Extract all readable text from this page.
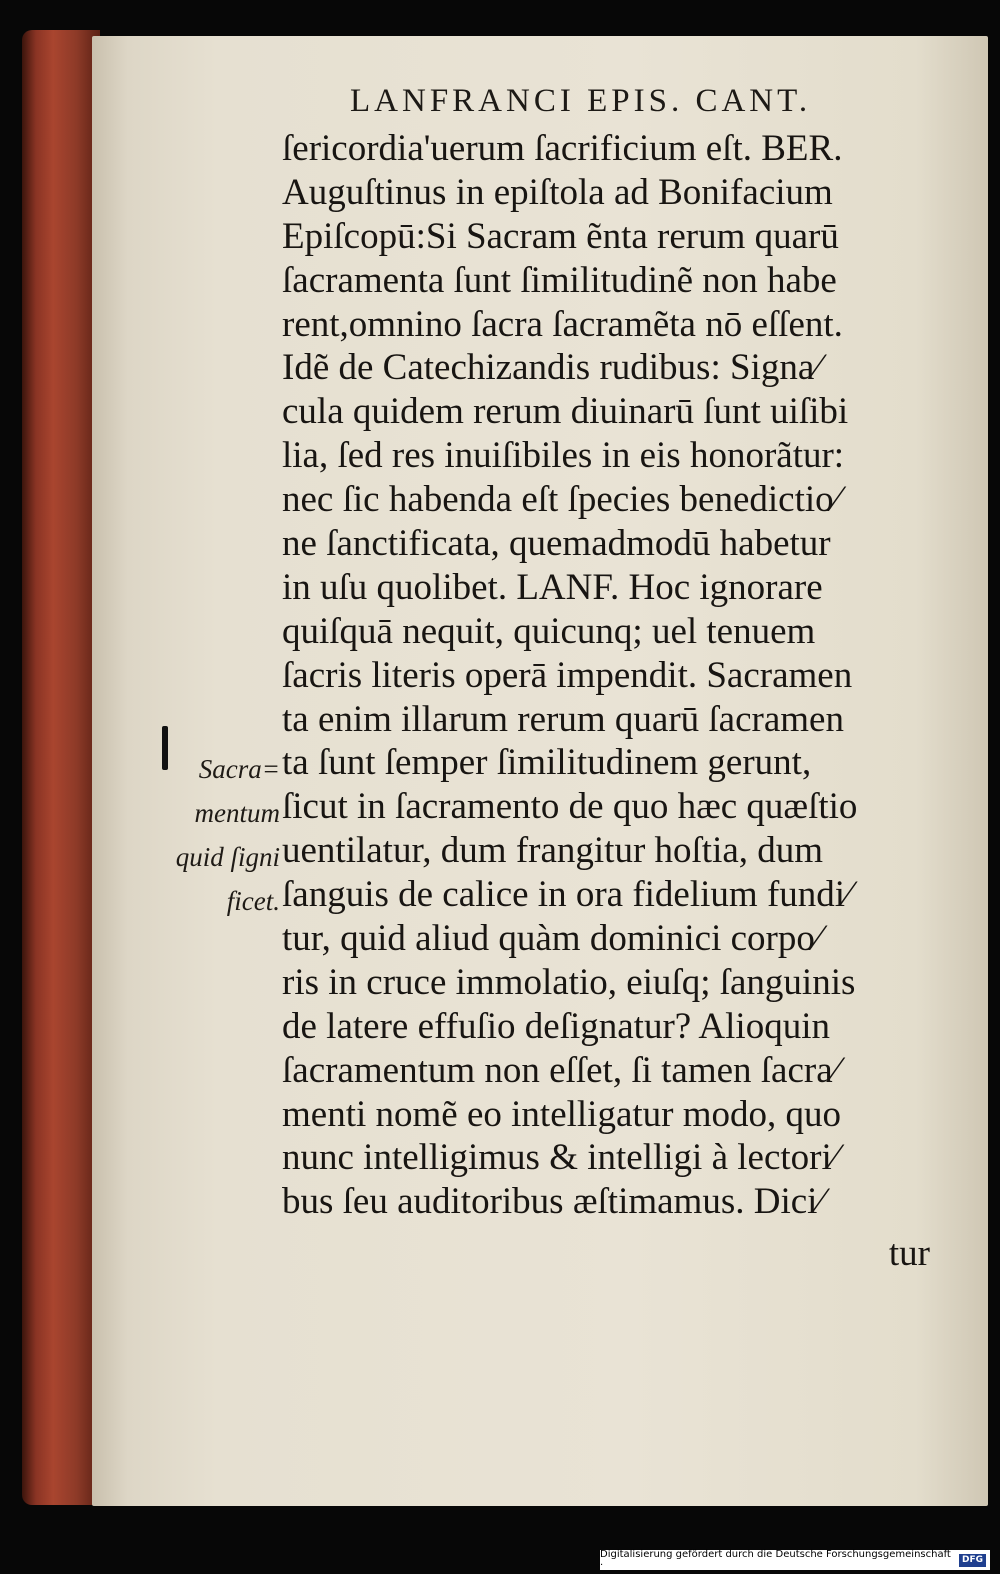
LANFRANCI EPIS. CANT.
ſericordia'uerum ſacrificium eſt. BER.
Auguſtinus in epiſtola ad Bonifacium
Epiſcopū:Si Sacram ẽnta rerum quarū
ſacramenta ſunt ſimilitudinẽ non habe
rent,omnino ſacra ſacramẽta nō eſſent.
Idẽ de Catechizandis rudibus: Signa⁄
cula quidem rerum diuinarū ſunt uiſibi
lia, ſed res inuiſibiles in eis honorãtur:
nec ſic habenda eſt ſpecies benedictio⁄
ne ſanctificata, quemadmodū habetur
in uſu quolibet. LANF. Hoc ignorare
quiſquā nequit, quicunq; uel tenuem
ſacris literis operā impendit. Sacramen
ta enim illarum rerum quarū ſacramen
ta ſunt ſemper ſimilitudinem gerunt,
ſicut in ſacramento de quo hæc quæſtio
uentilatur, dum frangitur hoſtia, dum
ſanguis de calice in ora fidelium fundi⁄
tur, quid aliud quàm dominici corpo⁄
ris in cruce immolatio, eiuſq; ſanguinis
de latere effuſio deſignatur? Alioquin
ſacramentum non eſſet, ſi tamen ſacra⁄
menti nomẽ eo intelligatur modo, quo
nunc intelligimus & intelligi à lectori⁄
bus ſeu auditoribus æſtimamus. Dici⁄
Sacra=
mentum
quid ſigni
ficet.
tur
Digitalisierung gefördert durch die Deutsche Forschungsgemeinschaft ·
DFG
